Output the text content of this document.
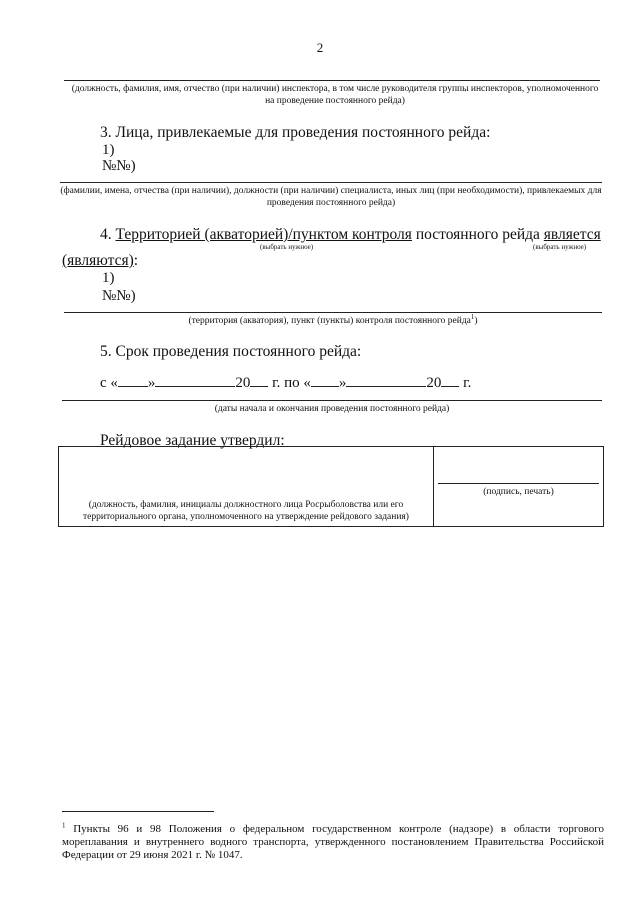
2
(должность, фамилия, имя, отчество (при наличии) инспектора, в том числе руководителя группы инспекторов, уполномоченного на проведение постоянного рейда)
3. Лица, привлекаемые для проведения постоянного рейда:
1)
№№)
(фамилии, имена, отчества (при наличии), должности (при наличии) специалиста, иных лиц (при необходимости), привлекаемых для проведения постоянного рейда)
4. Территорией (акваторией)/пунктом контроля постоянного рейда является
(выбрать нужное)	(выбрать нужное)
(являются):
1)
№№)
(территория (акватория), пункт (пункты) контроля постоянного рейда$^1$)
5. Срок проведения постоянного рейда:
с « »	20 г. по « »	20 г.
(даты начала и окончания проведения постоянного рейда)
Рейдовое задание утвердил:
(должность, фамилия, инициалы должностного лица Росрыболовства или его территориального органа, уполномоченного на утверждение рейдового задания)

(подпись, печать)
$^1$ Пункты 96 и 98 Положения о федеральном государственном контроле (надзоре) в области торгового мореплавания и внутреннего водного транспорта, утвержденного постановлением Правительства Российской Федерации от 29 июня 2021 г. № 1047.
